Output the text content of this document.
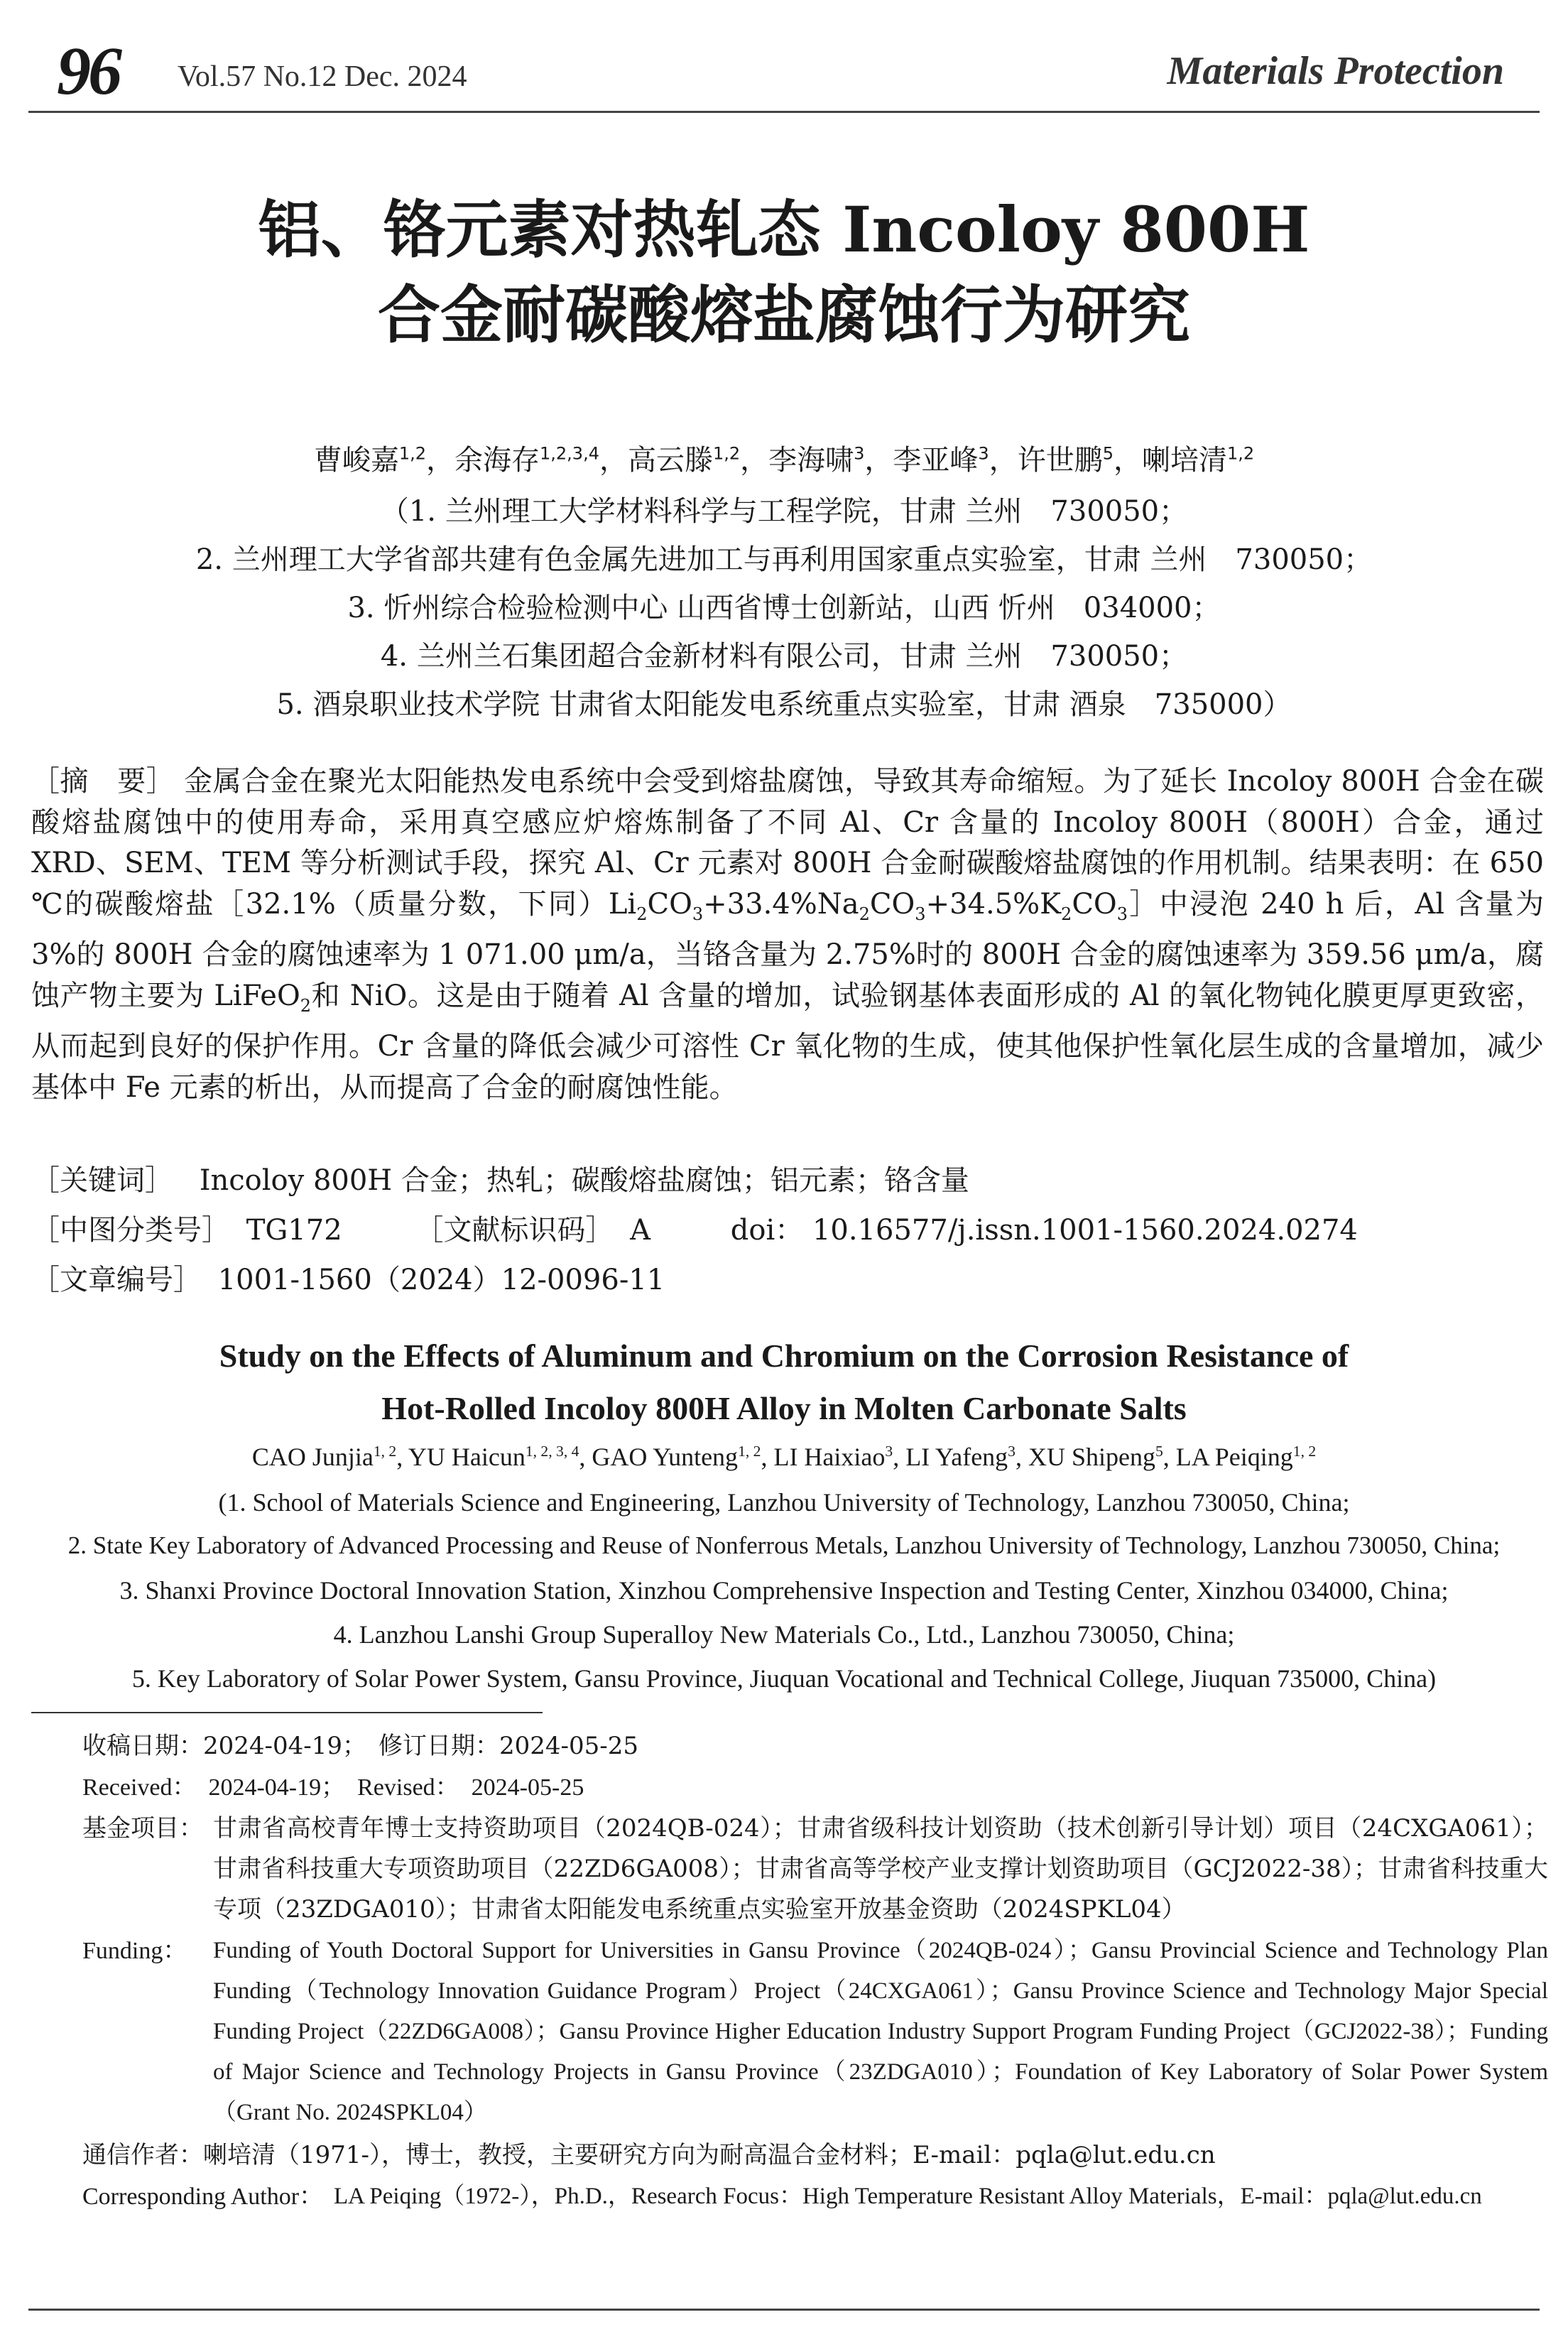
96 Vol.57 No.12 Dec. 2024	Materials Protection
铝、铬元素对热轧态 Incoloy 800H
合金耐碳酸熔盐腐蚀行为研究
曹峻嘉$^{1,2}$，余海存$^{1,2,3,4}$，高云滕$^{1,2}$，李海啸$^3$，李亚峰$^3$，许世鹏$^5$，喇培清$^{1,2}$
（1. 兰州理工大学材料科学与工程学院，甘肃 兰州　730050；
2. 兰州理工大学省部共建有色金属先进加工与再利用国家重点实验室，甘肃 兰州　730050；
3. 忻州综合检验检测中心 山西省博士创新站，山西 忻州　034000；
4. 兰州兰石集团超合金新材料有限公司，甘肃 兰州　730050；
5. 酒泉职业技术学院 甘肃省太阳能发电系统重点实验室，甘肃 酒泉　735000）
［摘　要］ 金属合金在聚光太阳能热发电系统中会受到熔盐腐蚀，导致其寿命缩短。为了延长 Incoloy 800H 合金在碳酸熔盐腐蚀中的使用寿命，采用真空感应炉熔炼制备了不同 Al、Cr 含量的 Incoloy 800H（800H）合金，通过 XRD、SEM、TEM 等分析测试手段，探究 Al、Cr 元素对 800H 合金耐碳酸熔盐腐蚀的作用机制。结果表明：在 650 ℃的碳酸熔盐［32.1%（质量分数，下同）$Li_2CO_3+33.4\%Na_2CO_3+34.5\%K_2CO_3]$中浸泡 240 h 后，Al 含量为 3%的 800H 合金的腐蚀速率为 1 071.00 μm/a，当铬含量为 2.75%时的 800H 合金的腐蚀速率为 359.56 μm/a，腐蚀产物主要为 LiFeO$_2$和 NiO。这是由于随着 Al 含量的增加，试验钢基体表面形成的 Al 的氧化物钝化膜更厚更致密，从而起到良好的保护作用。Cr 含量的降低会减少可溶性 Cr 氧化物的生成，使其他保护性氧化层生成的含量增加，减少基体中 Fe 元素的析出，从而提高了合金的耐腐蚀性能。
［关键词］ Incoloy 800H 合金；热轧；碳酸熔盐腐蚀；铝元素；铬含量
［中图分类号］ TG172	［文献标识码］ A	doi： 10.16577/j.issn.1001-1560.2024.0274
［文章编号］ 1001-1560（2024）12-0096-11
Study on the Effects of Aluminum and Chromium on the Corrosion Resistance of
Hot-Rolled Incoloy 800H Alloy in Molten Carbonate Salts
CAO Junjia$^{1, 2}$, YU Haicun$^{1, 2, 3, 4}$, GAO Yunteng$^{1, 2}$, LI Haixiao$^3$, LI Yafeng$^3$, XU Shipeng$^5$, LA Peiqing$^{1, 2}$
(1. School of Materials Science and Engineering, Lanzhou University of Technology, Lanzhou 730050, China;
2. State Key Laboratory of Advanced Processing and Reuse of Nonferrous Metals, Lanzhou University of Technology, Lanzhou 730050, China;
3. Shanxi Province Doctoral Innovation Station, Xinzhou Comprehensive Inspection and Testing Center, Xinzhou 034000, China;
4. Lanzhou Lanshi Group Superalloy New Materials Co., Ltd., Lanzhou 730050, China;
5. Key Laboratory of Solar Power System, Gansu Province, Jiuquan Vocational and Technical College, Jiuquan 735000, China)
收稿日期：2024-04-19；　修订日期：2024-05-25
Received：　2024-04-19；　Revised：　2024-05-25
基金项目： 甘肃省高校青年博士支持资助项目（2024QB-024）；甘肃省级科技计划资助（技术创新引导计划）项目（24CXGA061）；甘肃省科技重大专项资助项目（22ZD6GA008）；甘肃省高等学校产业支撑计划资助项目（GCJ2022-38）；甘肃省科技重大专项（23ZDGA010）；甘肃省太阳能发电系统重点实验室开放基金资助（2024SPKL04）
Funding： Funding of Youth Doctoral Support for Universities in Gansu Province（2024QB-024）；Gansu Provincial Science and Technology Plan Funding（Technology Innovation Guidance Program）Project（24CXGA061）；Gansu Province Science and Technology Major Special Funding Project（22ZD6GA008）；Gansu Province Higher Education Industry Support Program Funding Project（GCJ2022-38）；Funding of Major Science and Technology Projects in Gansu Province（23ZDGA010）；Foundation of Key Laboratory of Solar Power System（Grant No. 2024SPKL04）
通信作者：喇培清（1971-），博士，教授，主要研究方向为耐高温合金材料；E-mail：pqla@lut.edu.cn
Corresponding Author： LA Peiqing（1972-），Ph.D.，Research Focus：High Temperature Resistant Alloy Materials，E-mail：pqla@lut.edu.cn
